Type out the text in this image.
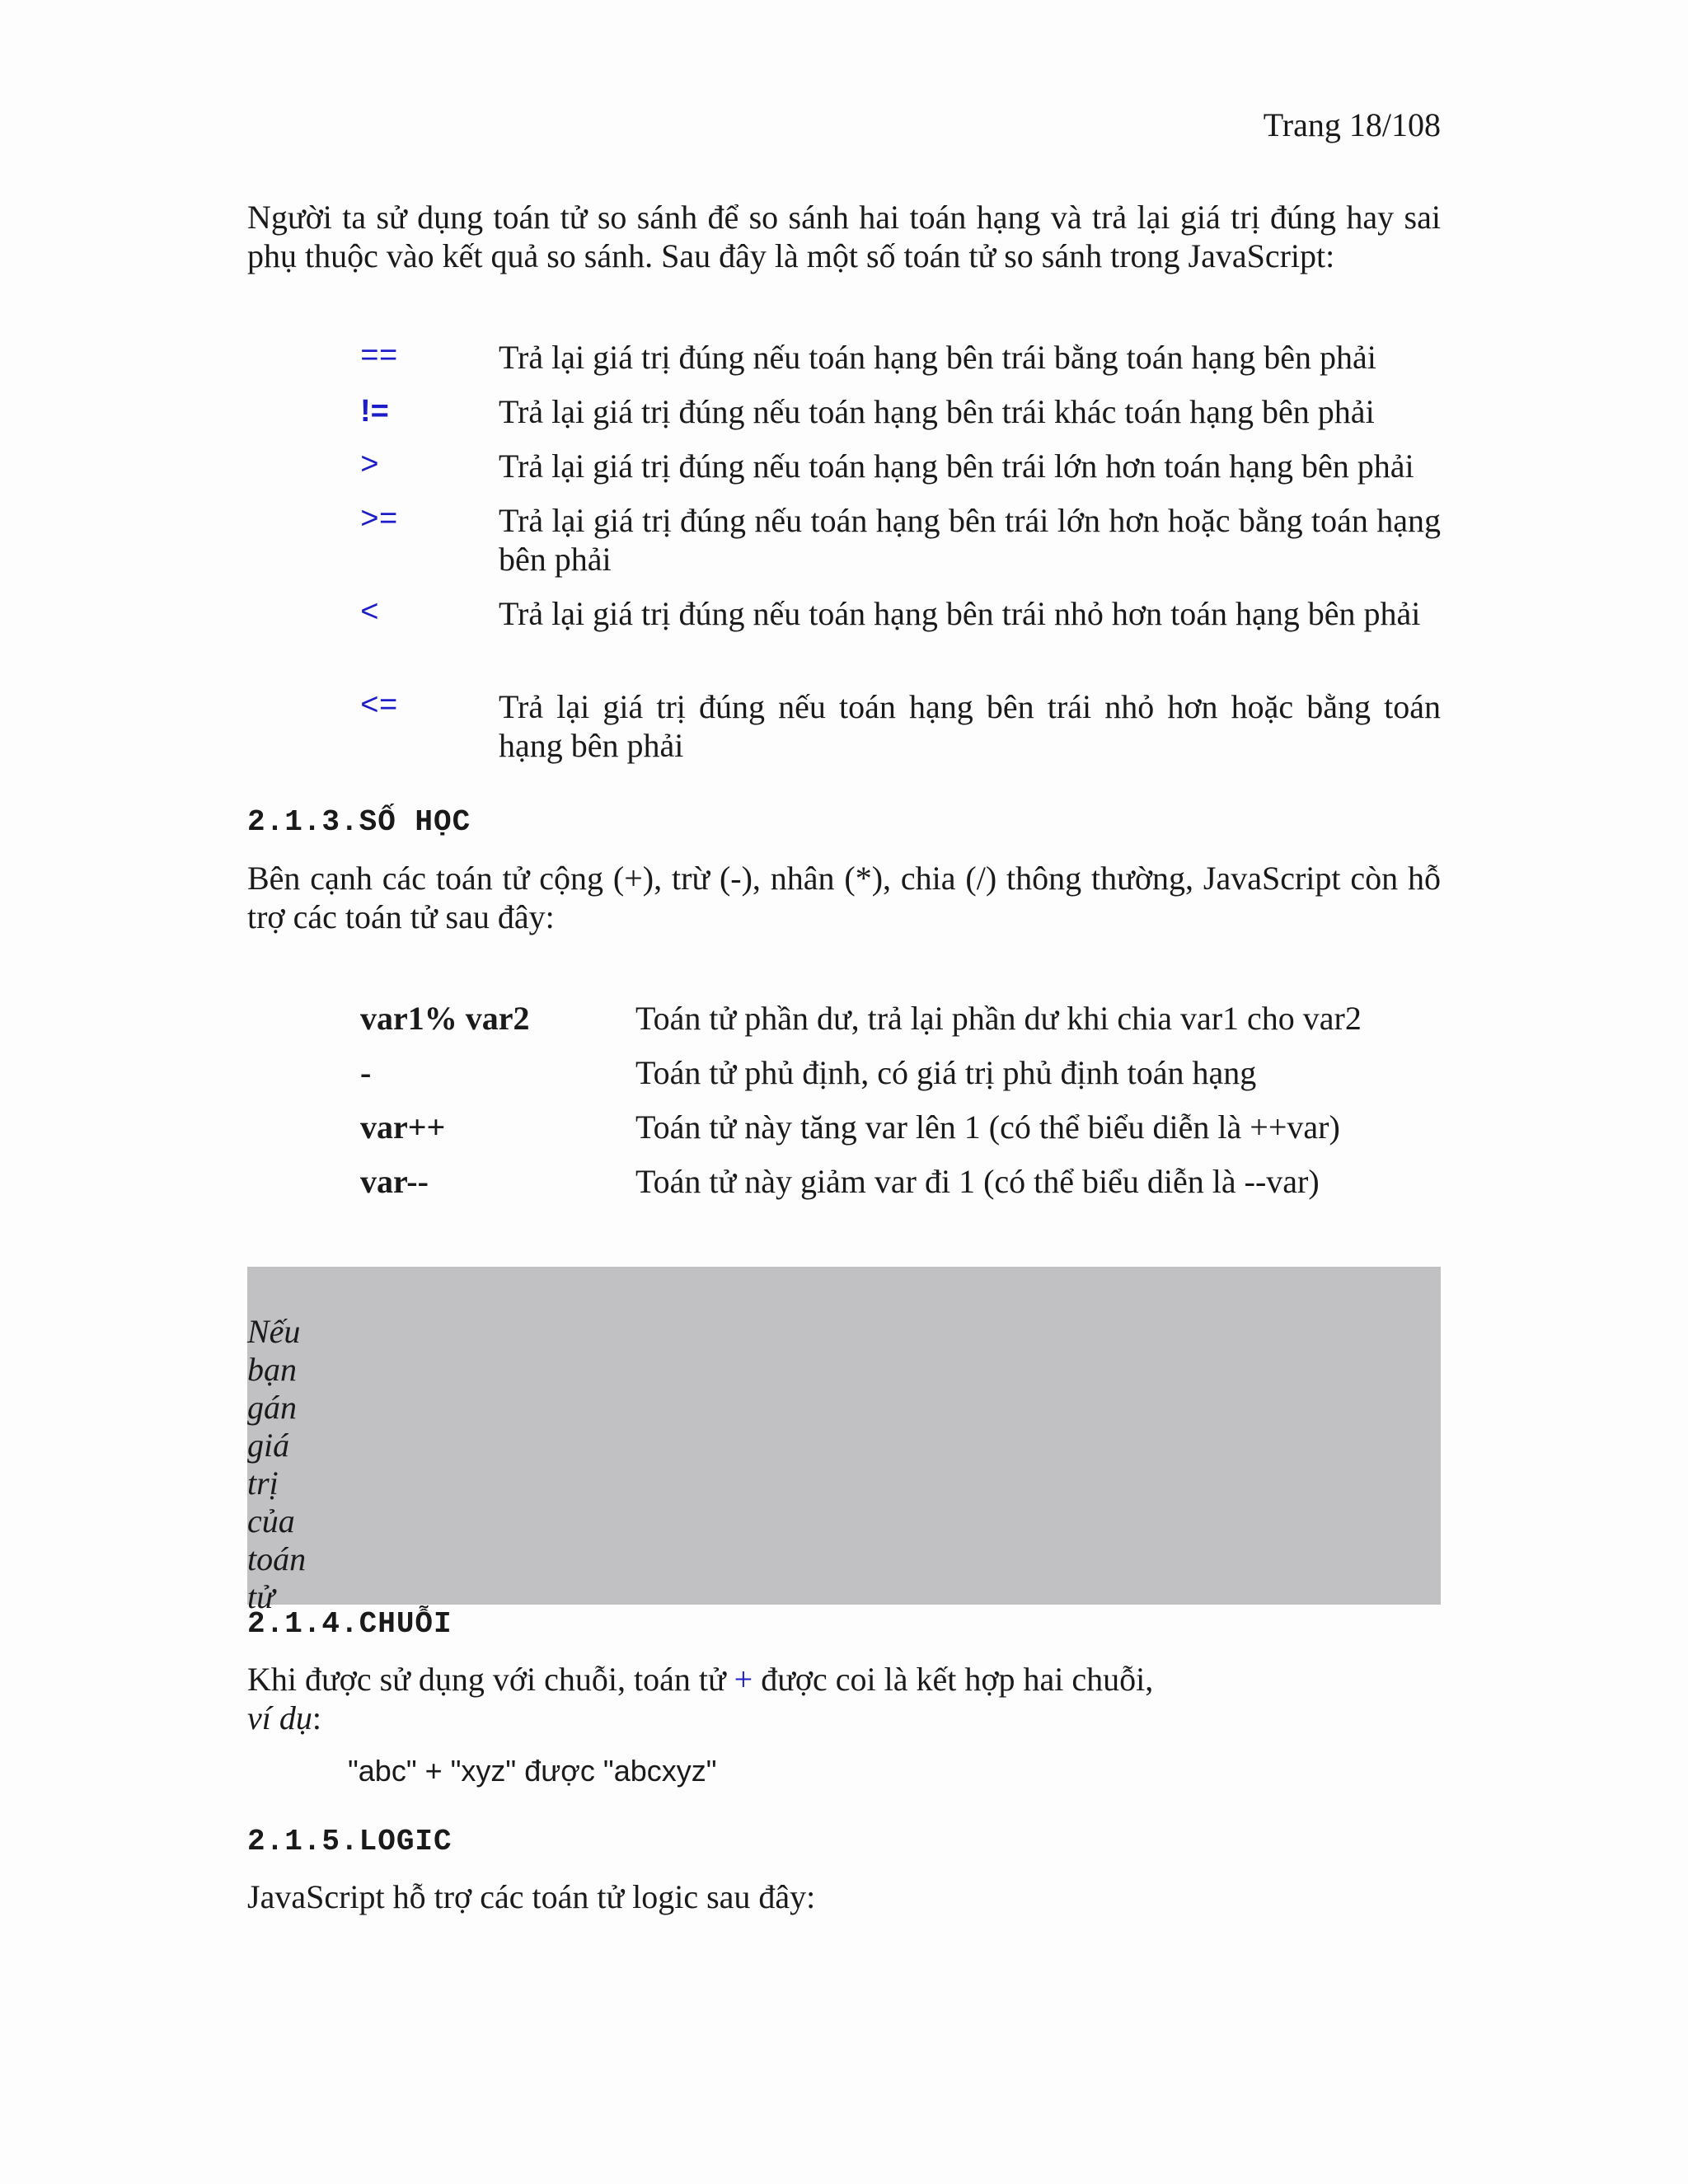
Trang 18/108

Người ta sử dụng toán tử so sánh để so sánh hai toán hạng và trả lại giá trị đúng hay sai phụ thuộc vào kết quả so sánh. Sau đây là một số toán tử so sánh trong JavaScript:

==	Trả lại giá trị đúng nếu toán hạng bên trái bằng toán hạng bên phải
!=	Trả lại giá trị đúng nếu toán hạng bên trái khác toán hạng bên phải
>	Trả lại giá trị đúng nếu toán hạng bên trái lớn hơn toán hạng bên phải
>=	Trả lại giá trị đúng nếu toán hạng bên trái lớn hơn hoặc bằng toán hạng bên phải
<	Trả lại giá trị đúng nếu toán hạng bên trái nhỏ hơn toán hạng bên phải
<=	Trả lại giá trị đúng nếu toán hạng bên trái nhỏ hơn hoặc bằng toán hạng bên phải
2.1.3.SỐ HỌC

Bên cạnh các toán tử cộng (+), trừ (-), nhân (*), chia (/) thông thường, JavaScript còn hỗ trợ các toán tử sau đây:

var1% var2	Toán tử phần dư, trả lại phần dư khi chia var1 cho var2
-	Toán tử phủ định, có giá trị phủ định toán hạng
var++	Toán tử này tăng var lên 1 (có thể biểu diễn là ++var)
var--	Toán tử này giảm var đi 1 (có thể biểu diễn là --var)
Nếu bạn gán giá trị của toán tử
2.1.4.CHUỖI

Khi được sử dụng với chuỗi, toán tử + được coi là kết hợp hai chuỗi,

ví dụ:

"abc" + "xyz" được "abcxyz"
2.1.5.LOGIC

JavaScript hỗ trợ các toán tử logic sau đây:
